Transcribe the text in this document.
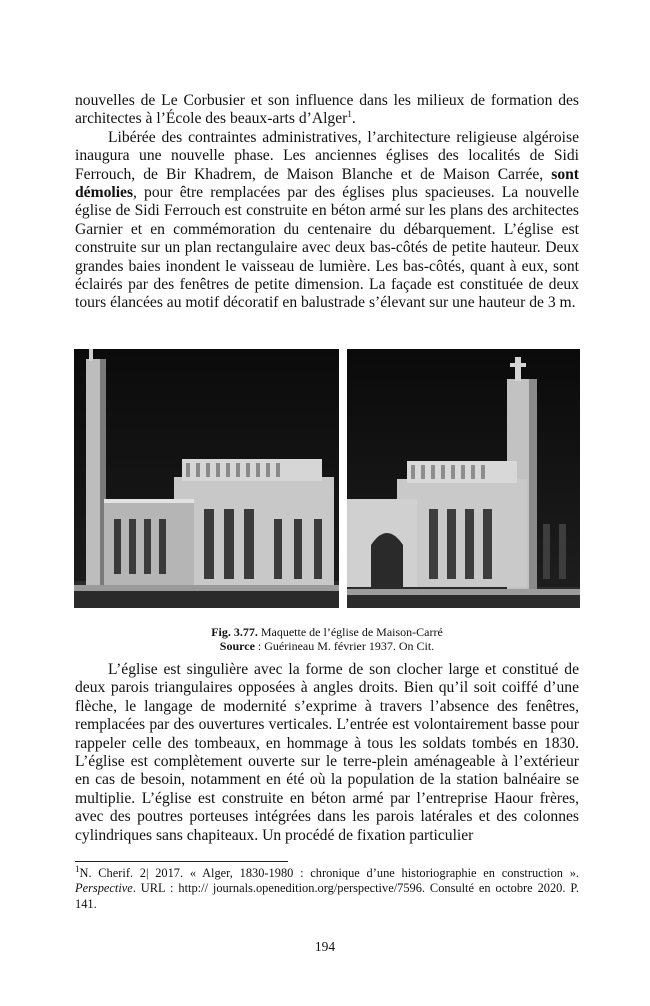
nouvelles de Le Corbusier et son influence dans les milieux de formation des architectes à l’École des beaux-arts d’Alger$^1$.

Libérée des contraintes administratives, l’architecture religieuse algéroise inaugura une nouvelle phase. Les anciennes églises des localités de Sidi Ferrouch, de Bir Khadrem, de Maison Blanche et de Maison Carrée, sont démolies, pour être remplacées par des églises plus spacieuses. La nouvelle église de Sidi Ferrouch est construite en béton armé sur les plans des architectes Garnier et en commémoration du centenaire du débarquement. L’église est construite sur un plan rectangulaire avec deux bas-côtés de petite hauteur. Deux grandes baies inondent le vaisseau de lumière. Les bas-côtés, quant à eux, sont éclairés par des fenêtres de petite dimension. La façade est constituée de deux tours élancées au motif décoratif en balustrade s’élevant sur une hauteur de 3 m.

Fig. 3.77. Maquette de l’église de Maison-Carré
Source : Guérineau M. février 1937. On Cit.

L’église est singulière avec la forme de son clocher large et constitué de deux parois triangulaires opposées à angles droits. Bien qu’il soit coiffé d’une flèche, le langage de modernité s’exprime à travers l’absence des fenêtres, remplacées par des ouvertures verticales. L’entrée est volontairement basse pour rappeler celle des tombeaux, en hommage à tous les soldats tombés en 1830. L’église est complètement ouverte sur le terre-plein aménageable à l’extérieur en cas de besoin, notamment en été où la population de la station balnéaire se multiplie. L’église est construite en béton armé par l’entreprise Haour frères, avec des poutres porteuses intégrées dans les parois latérales et des colonnes cylindriques sans chapiteaux. Un procédé de fixation particulier

$^1$N. Cherif. 2| 2017. « Alger, 1830-1980 : chronique d’une historiographie en construction ». Perspective. URL : http:// journals.openedition.org/perspective/7596. Consulté en octobre 2020. P. 141.
194
